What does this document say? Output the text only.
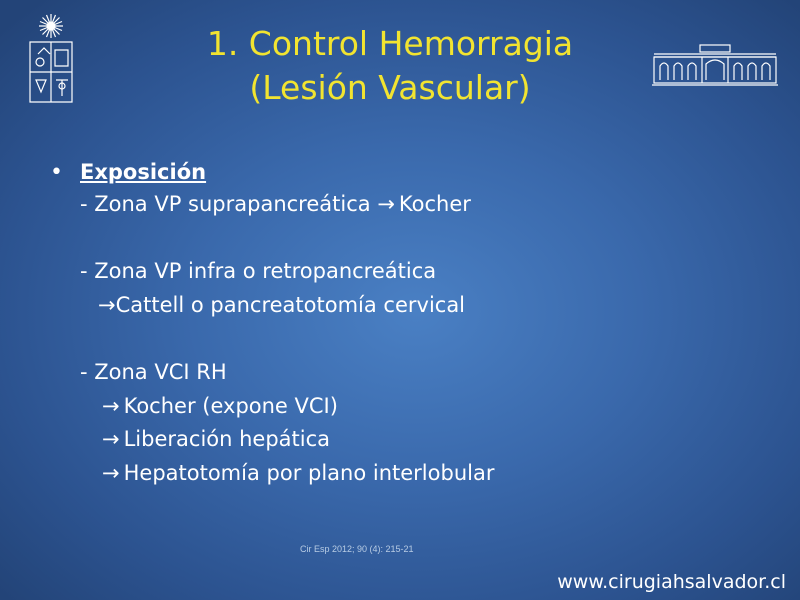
1. Control Hemorragia
(Lesión Vascular)
• Exposición
- Zona VP suprapancreática → Kocher
- Zona VP infra o retropancreática
→Cattell o pancreatotomía cervical
- Zona VCI RH
→ Kocher (expone VCI)
→ Liberación hepática
→ Hepatotomía por plano interlobular
Cir Esp 2012; 90 (4): 215-21
www.cirugiahsalvador.cl
